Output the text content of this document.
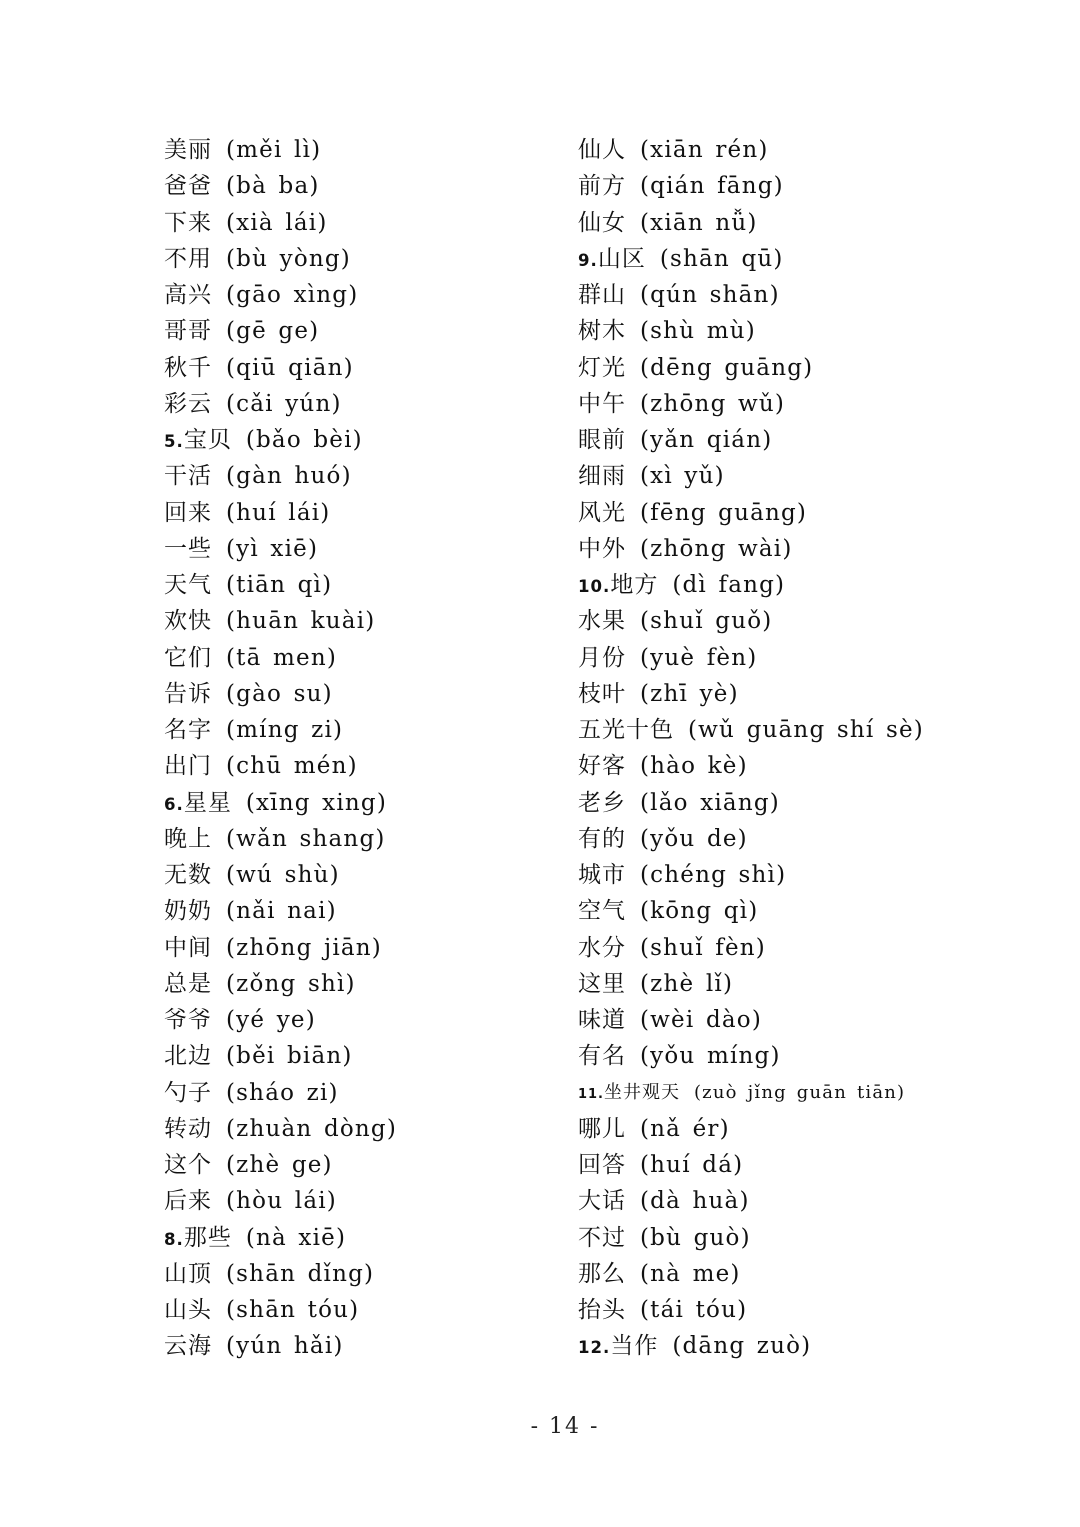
美丽 (měi lì)
爸爸 (bà ba)
下来 (xià lái)
不用 (bù yòng)
高兴 (gāo xìng)
哥哥 (gē ge)
秋千 (qiū qiān)
彩云 (cǎi yún)
5.宝贝 (bǎo bèi)
干活 (gàn huó)
回来 (huí lái)
一些 (yì xiē)
天气 (tiān qì)
欢快 (huān kuài)
它们 (tā men)
告诉 (gào su)
名字 (míng zi)
出门 (chū mén)
6.星星 (xīng xing)
晚上 (wǎn shang)
无数 (wú shù)
奶奶 (nǎi nai)
中间 (zhōng jiān)
总是 (zǒng shì)
爷爷 (yé ye)
北边 (běi biān)
勺子 (sháo zi)
转动 (zhuàn dòng)
这个 (zhè ge)
后来 (hòu lái)
8.那些 (nà xiē)
山顶 (shān dǐng)
山头 (shān tóu)
云海 (yún hǎi)
仙人 (xiān rén)
前方 (qián fāng)
仙女 (xiān nǚ)
9.山区 (shān qū)
群山 (qún shān)
树木 (shù mù)
灯光 (dēng guāng)
中午 (zhōng wǔ)
眼前 (yǎn qián)
细雨 (xì yǔ)
风光 (fēng guāng)
中外 (zhōng wài)
10.地方 (dì fang)
水果 (shuǐ guǒ)
月份 (yuè fèn)
枝叶 (zhī yè)
五光十色 (wǔ guāng shí sè)
好客 (hào kè)
老乡 (lǎo xiāng)
有的 (yǒu de)
城市 (chéng shì)
空气 (kōng qì)
水分 (shuǐ fèn)
这里 (zhè lǐ)
味道 (wèi dào)
有名 (yǒu míng)
11.坐井观天 (zuò jǐng guān tiān)
哪儿 (nǎ ér)
回答 (huí dá)
大话 (dà huà)
不过 (bù guò)
那么 (nà me)
抬头 (tái tóu)
12.当作 (dāng zuò)
- 14 -
